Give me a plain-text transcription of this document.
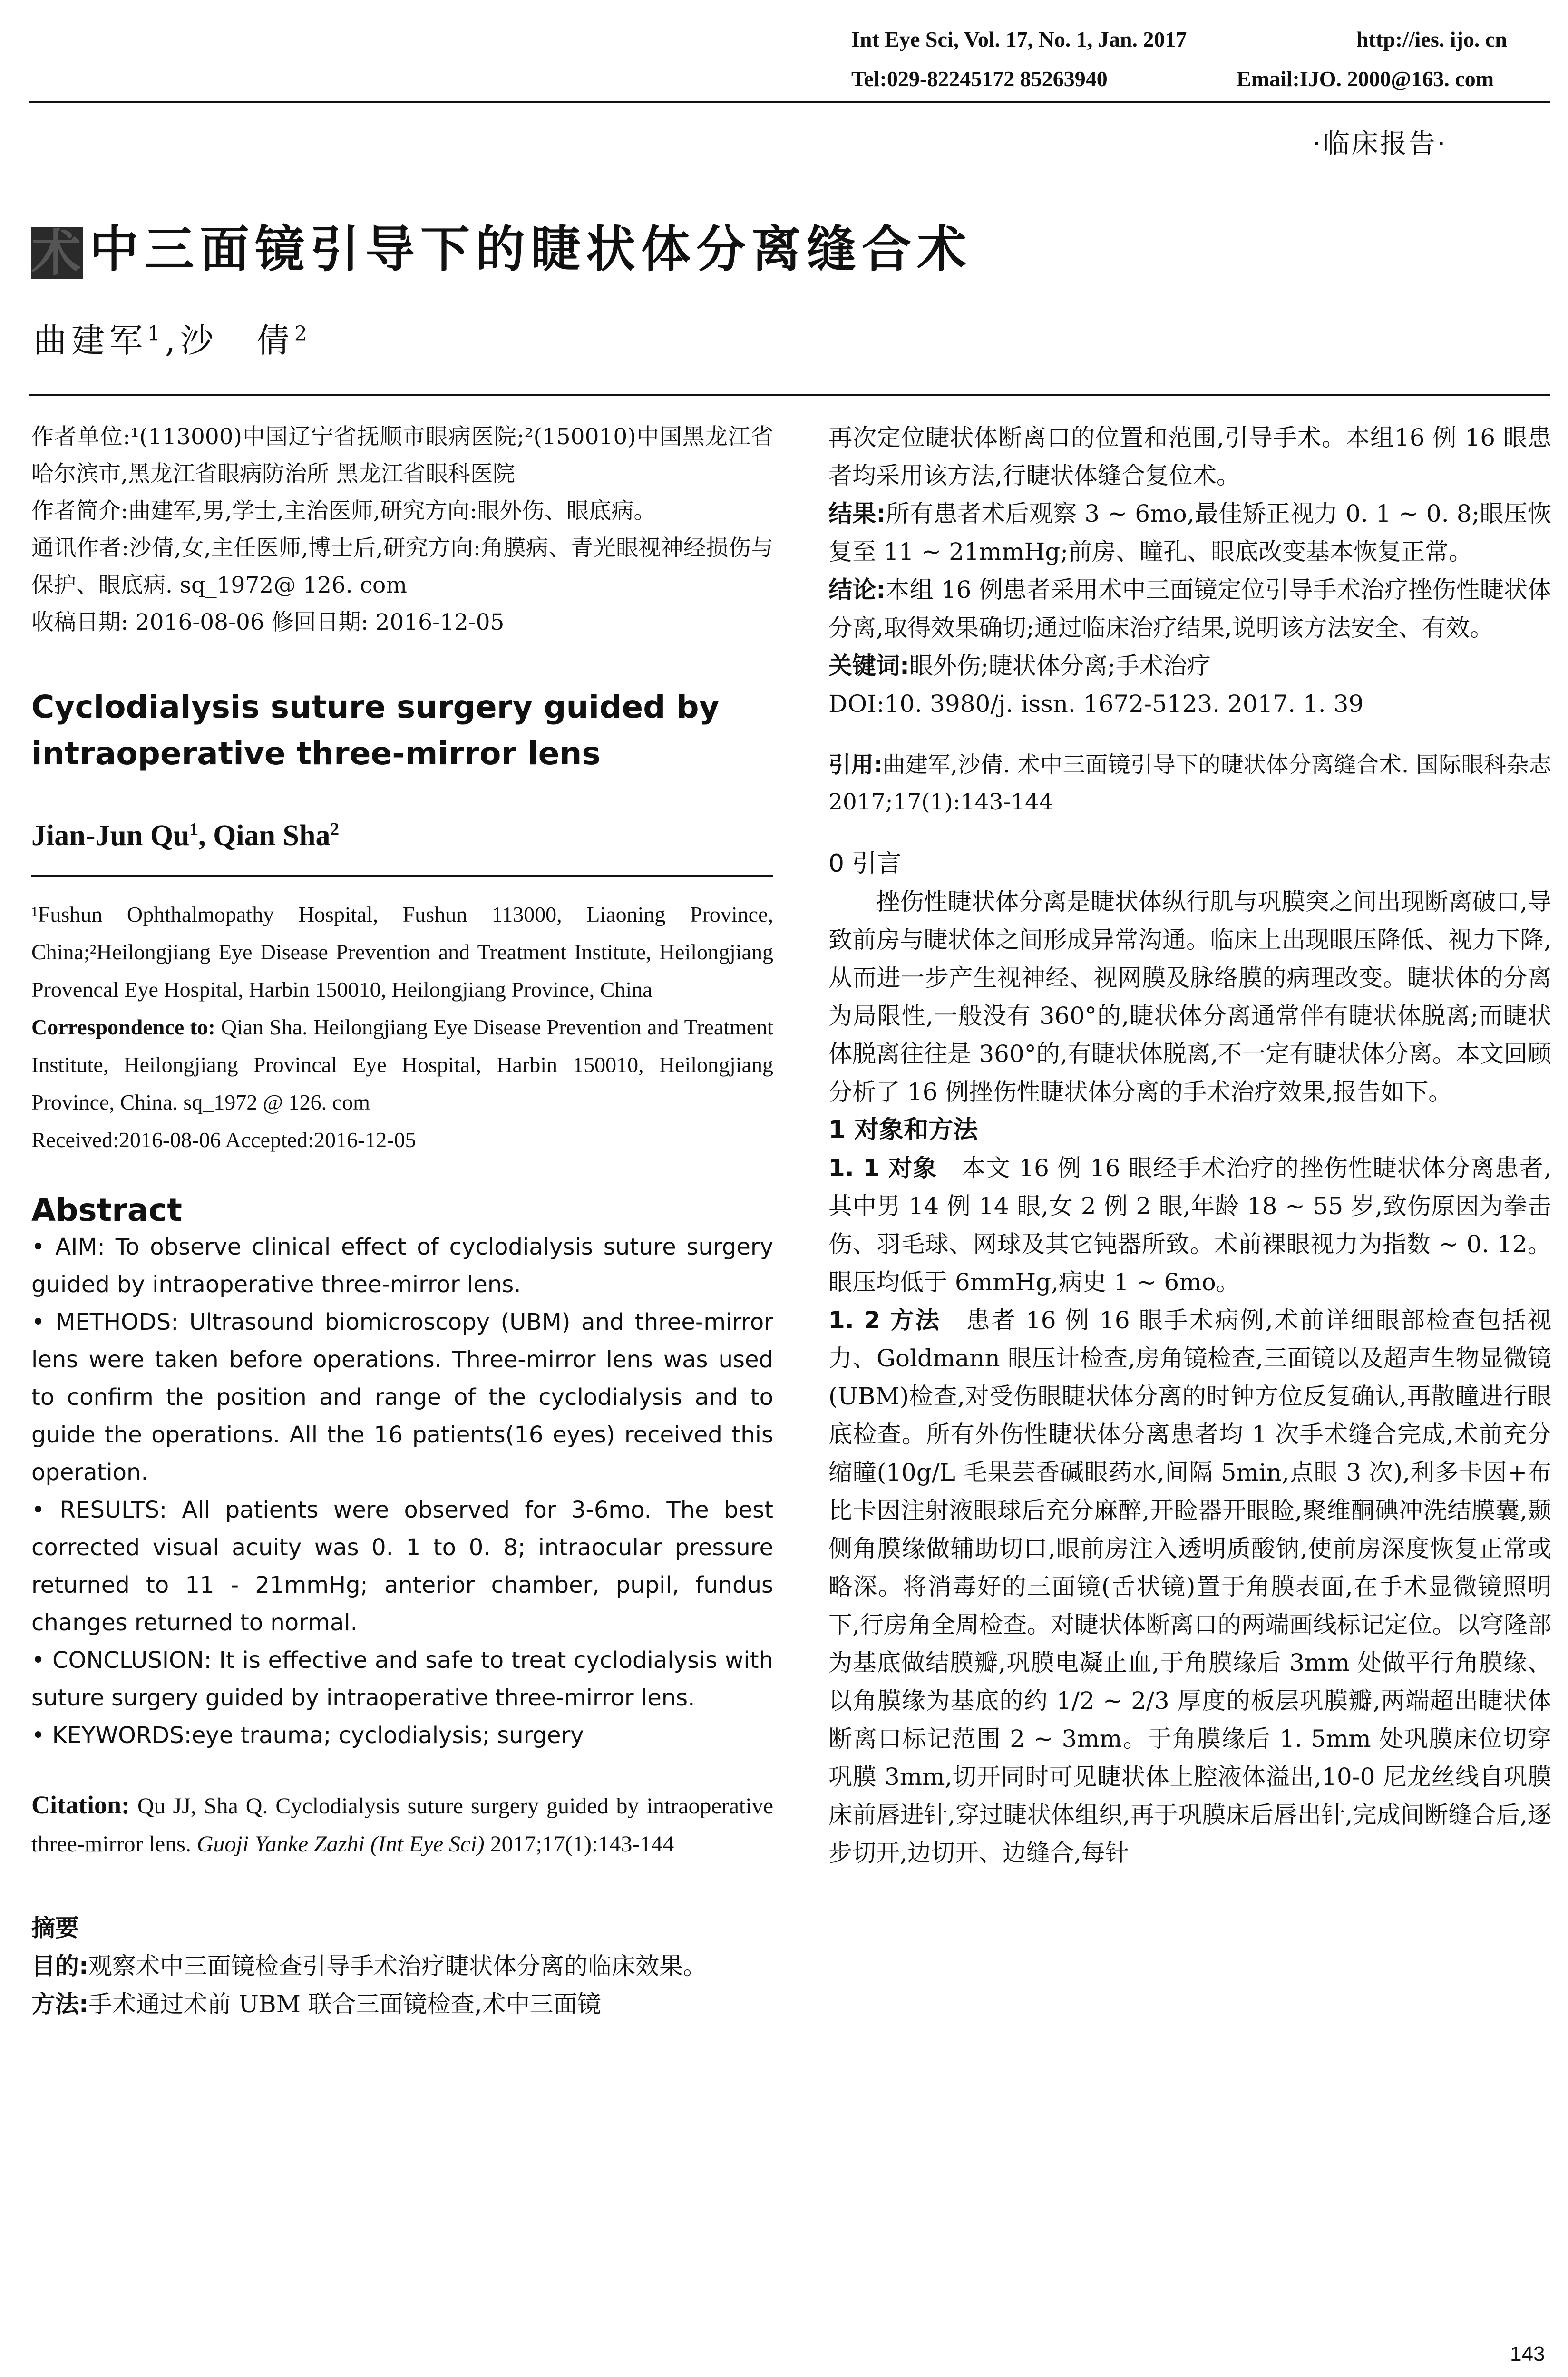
Int Eye Sci, Vol. 17, No. 1, Jan. 2017	http://ies. ijo. cn
Tel:029-82245172 85263940	Email:IJO. 2000@163. com
·临床报告·
术中三面镜引导下的睫状体分离缝合术
曲建军$^1$,沙　倩$^2$

作者单位:¹(113000)中国辽宁省抚顺市眼病医院;²(150010)中国黑龙江省哈尔滨市,黑龙江省眼病防治所 黑龙江省眼科医院

作者简介:曲建军,男,学士,主治医师,研究方向:眼外伤、眼底病。

通讯作者:沙倩,女,主任医师,博士后,研究方向:角膜病、青光眼视神经损伤与保护、眼底病. sq_1972@ 126. com

收稿日期: 2016-08-06 修回日期: 2016-12-05

Cyclodialysis suture surgery guided by intraoperative three-mirror lens

Jian-Jun Qu$^1$, Qian Sha$^2$

¹Fushun Ophthalmopathy Hospital, Fushun 113000, Liaoning Province, China;²Heilongjiang Eye Disease Prevention and Treatment Institute, Heilongjiang Provencal Eye Hospital, Harbin 150010, Heilongjiang Province, China

Correspondence to: Qian Sha. Heilongjiang Eye Disease Prevention and Treatment Institute, Heilongjiang Provincal Eye Hospital, Harbin 150010, Heilongjiang Province, China. sq_1972 @ 126. com

Received:2016-08-06 Accepted:2016-12-05

Abstract

• AIM: To observe clinical effect of cyclodialysis suture surgery guided by intraoperative three-mirror lens.

• METHODS: Ultrasound biomicroscopy (UBM) and three-mirror lens were taken before operations. Three-mirror lens was used to confirm the position and range of the cyclodialysis and to guide the operations. All the 16 patients(16 eyes) received this operation.

• RESULTS: All patients were observed for 3-6mo. The best corrected visual acuity was 0. 1 to 0. 8; intraocular pressure returned to 11 - 21mmHg; anterior chamber, pupil, fundus changes returned to normal.

• CONCLUSION: It is effective and safe to treat cyclodialysis with suture surgery guided by intraoperative three-mirror lens.

• KEYWORDS:eye trauma; cyclodialysis; surgery

Citation: Qu JJ, Sha Q. Cyclodialysis suture surgery guided by intraoperative three-mirror lens. Guoji Yanke Zazhi (Int Eye Sci) 2017;17(1):143-144

摘要

目的:观察术中三面镜检查引导手术治疗睫状体分离的临床效果。

方法:手术通过术前 UBM 联合三面镜检查,术中三面镜

再次定位睫状体断离口的位置和范围,引导手术。本组16 例 16 眼患者均采用该方法,行睫状体缝合复位术。

结果:所有患者术后观察 3 ~ 6mo,最佳矫正视力 0. 1 ~ 0. 8;眼压恢复至 11 ~ 21mmHg;前房、瞳孔、眼底改变基本恢复正常。

结论:本组 16 例患者采用术中三面镜定位引导手术治疗挫伤性睫状体分离,取得效果确切;通过临床治疗结果,说明该方法安全、有效。

关键词:眼外伤;睫状体分离;手术治疗

DOI:10. 3980/j. issn. 1672-5123. 2017. 1. 39

引用:曲建军,沙倩. 术中三面镜引导下的睫状体分离缝合术. 国际眼科杂志 2017;17(1):143-144

0 引言

挫伤性睫状体分离是睫状体纵行肌与巩膜突之间出现断离破口,导致前房与睫状体之间形成异常沟通。临床上出现眼压降低、视力下降,从而进一步产生视神经、视网膜及脉络膜的病理改变。睫状体的分离为局限性,一般没有 360°的,睫状体分离通常伴有睫状体脱离;而睫状体脱离往往是 360°的,有睫状体脱离,不一定有睫状体分离。本文回顾分析了 16 例挫伤性睫状体分离的手术治疗效果,报告如下。

1 对象和方法

1. 1 对象　 本文 16 例 16 眼经手术治疗的挫伤性睫状体分离患者,其中男 14 例 14 眼,女 2 例 2 眼,年龄 18 ~ 55 岁,致伤原因为拳击伤、羽毛球、网球及其它钝器所致。术前裸眼视力为指数 ~ 0. 12。眼压均低于 6mmHg,病史 1 ~ 6mo。

1. 2 方法　 患者 16 例 16 眼手术病例,术前详细眼部检查包括视力、Goldmann 眼压计检查,房角镜检查,三面镜以及超声生物显微镜(UBM)检查,对受伤眼睫状体分离的时钟方位反复确认,再散瞳进行眼底检查。所有外伤性睫状体分离患者均 1 次手术缝合完成,术前充分缩瞳(10g/L 毛果芸香碱眼药水,间隔 5min,点眼 3 次),利多卡因+布比卡因注射液眼球后充分麻醉,开睑器开眼睑,聚维酮碘冲洗结膜囊,颞侧角膜缘做辅助切口,眼前房注入透明质酸钠,使前房深度恢复正常或略深。将消毒好的三面镜(舌状镜)置于角膜表面,在手术显微镜照明下,行房角全周检查。对睫状体断离口的两端画线标记定位。以穹隆部为基底做结膜瓣,巩膜电凝止血,于角膜缘后 3mm 处做平行角膜缘、以角膜缘为基底的约 1/2 ~ 2/3 厚度的板层巩膜瓣,两端超出睫状体断离口标记范围 2 ~ 3mm。于角膜缘后 1. 5mm 处巩膜床位切穿巩膜 3mm,切开同时可见睫状体上腔液体溢出,10-0 尼龙丝线自巩膜床前唇进针,穿过睫状体组织,再于巩膜床后唇出针,完成间断缝合后,逐步切开,边切开、边缝合,每针

143
